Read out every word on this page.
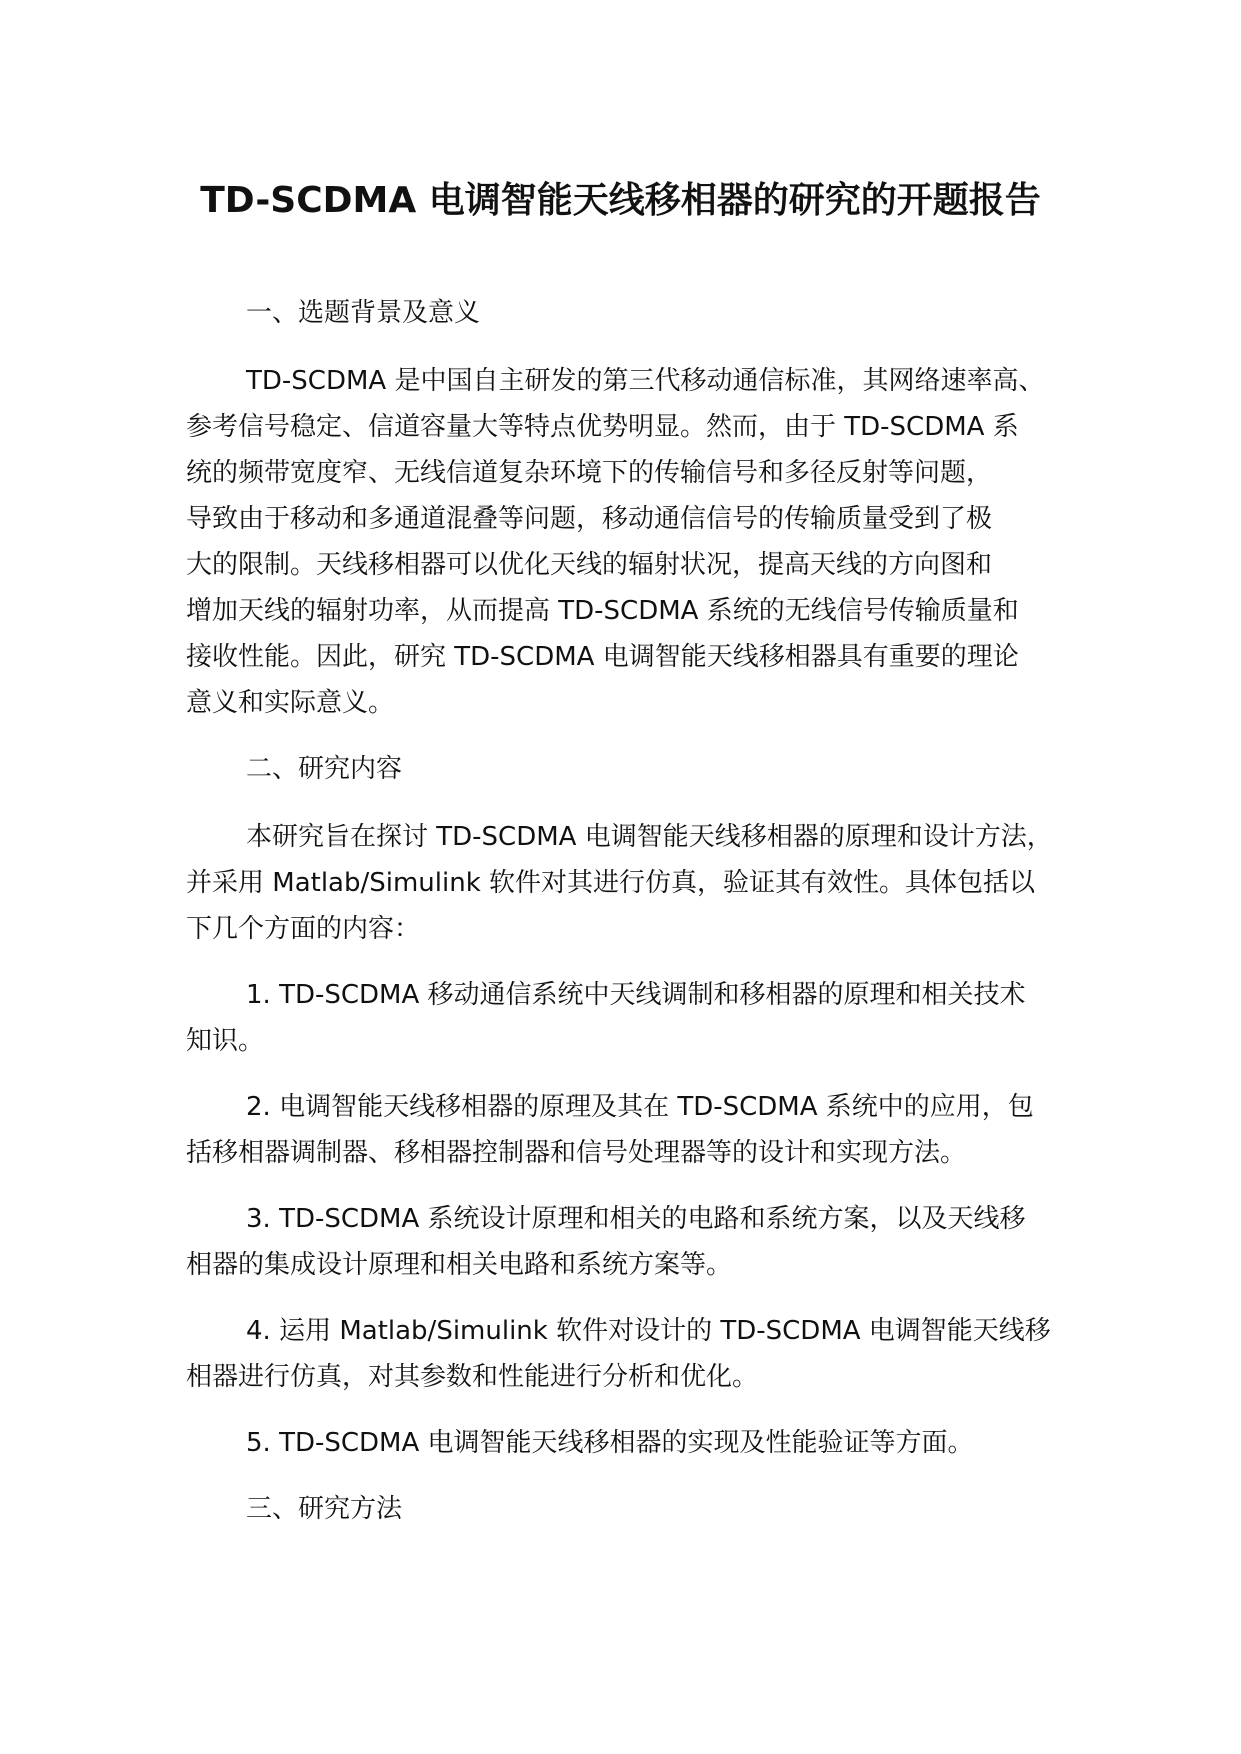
TD-SCDMA 电调智能天线移相器的研究的开题报告
一、选题背景及意义
TD-SCDMA 是中国自主研发的第三代移动通信标准，其网络速率高、
参考信号稳定、信道容量大等特点优势明显。然而，由于 TD-SCDMA 系
统的频带宽度窄、无线信道复杂环境下的传输信号和多径反射等问题，
导致由于移动和多通道混叠等问题，移动通信信号的传输质量受到了极
大的限制。天线移相器可以优化天线的辐射状况，提高天线的方向图和
增加天线的辐射功率，从而提高 TD-SCDMA 系统的无线信号传输质量和
接收性能。因此，研究 TD-SCDMA 电调智能天线移相器具有重要的理论
意义和实际意义。
二、研究内容
本研究旨在探讨 TD-SCDMA 电调智能天线移相器的原理和设计方法，
并采用 Matlab/Simulink 软件对其进行仿真，验证其有效性。具体包括以
下几个方面的内容：
1. TD-SCDMA 移动通信系统中天线调制和移相器的原理和相关技术
知识。
2. 电调智能天线移相器的原理及其在 TD-SCDMA 系统中的应用，包
括移相器调制器、移相器控制器和信号处理器等的设计和实现方法。
3. TD-SCDMA 系统设计原理和相关的电路和系统方案，以及天线移
相器的集成设计原理和相关电路和系统方案等。
4. 运用 Matlab/Simulink 软件对设计的 TD-SCDMA 电调智能天线移
相器进行仿真，对其参数和性能进行分析和优化。
5. TD-SCDMA 电调智能天线移相器的实现及性能验证等方面。
三、研究方法
